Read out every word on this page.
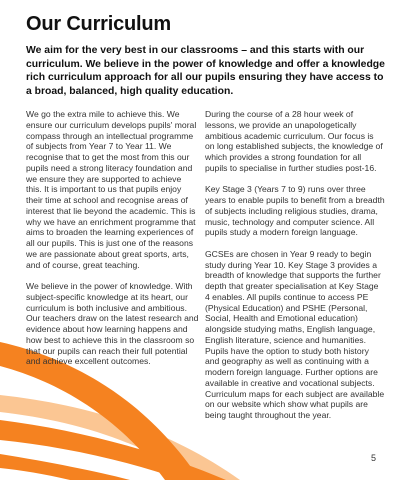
Our Curriculum

We aim for the very best in our classrooms – and this starts with our curriculum. We believe in the power of knowledge and offer a knowledge rich curriculum approach for all our pupils ensuring they have access to a broad, balanced, high quality education.

We go the extra mile to achieve this. We ensure our curriculum develops pupils' moral compass through an intellectual programme of subjects from Year 7 to Year 11. We recognise that to get the most from this our pupils need a strong literacy foundation and we ensure they are supported to achieve this. It is important to us that pupils enjoy their time at school and recognise areas of interest that lie beyond the academic. This is why we have an enrichment programme that aims to broaden the learning experiences of all our pupils. This is just one of the reasons we are passionate about great sports, arts, and of course, great teaching.

We believe in the power of knowledge. With subject-specific knowledge at its heart, our curriculum is both inclusive and ambitious. Our teachers draw on the latest research and evidence about how learning happens and how best to achieve this in the classroom so that our pupils can reach their full potential and achieve excellent outcomes.

During the course of a 28 hour week of lessons, we provide an unapologetically ambitious academic curriculum. Our focus is on long established subjects, the knowledge of which provides a strong foundation for all pupils to specialise in further studies post-16.

Key Stage 3 (Years 7 to 9) runs over three years to enable pupils to benefit from a breadth of subjects including religious studies, drama, music, technology and computer science. All pupils study a modern foreign language.

GCSEs are chosen in Year 9 ready to begin study during Year 10. Key Stage 3 provides a breadth of knowledge that supports the further depth that greater specialisation at Key Stage 4 enables. All pupils continue to access PE (Physical Education) and PSHE (Personal, Social, Health and Emotional education) alongside studying maths, English language, English literature, science and humanities. Pupils have the option to study both history and geography as well as continuing with a modern foreign language. Further options are available in creative and vocational subjects. Curriculum maps for each subject are available on our website which show what pupils are being taught throughout the year.

5
